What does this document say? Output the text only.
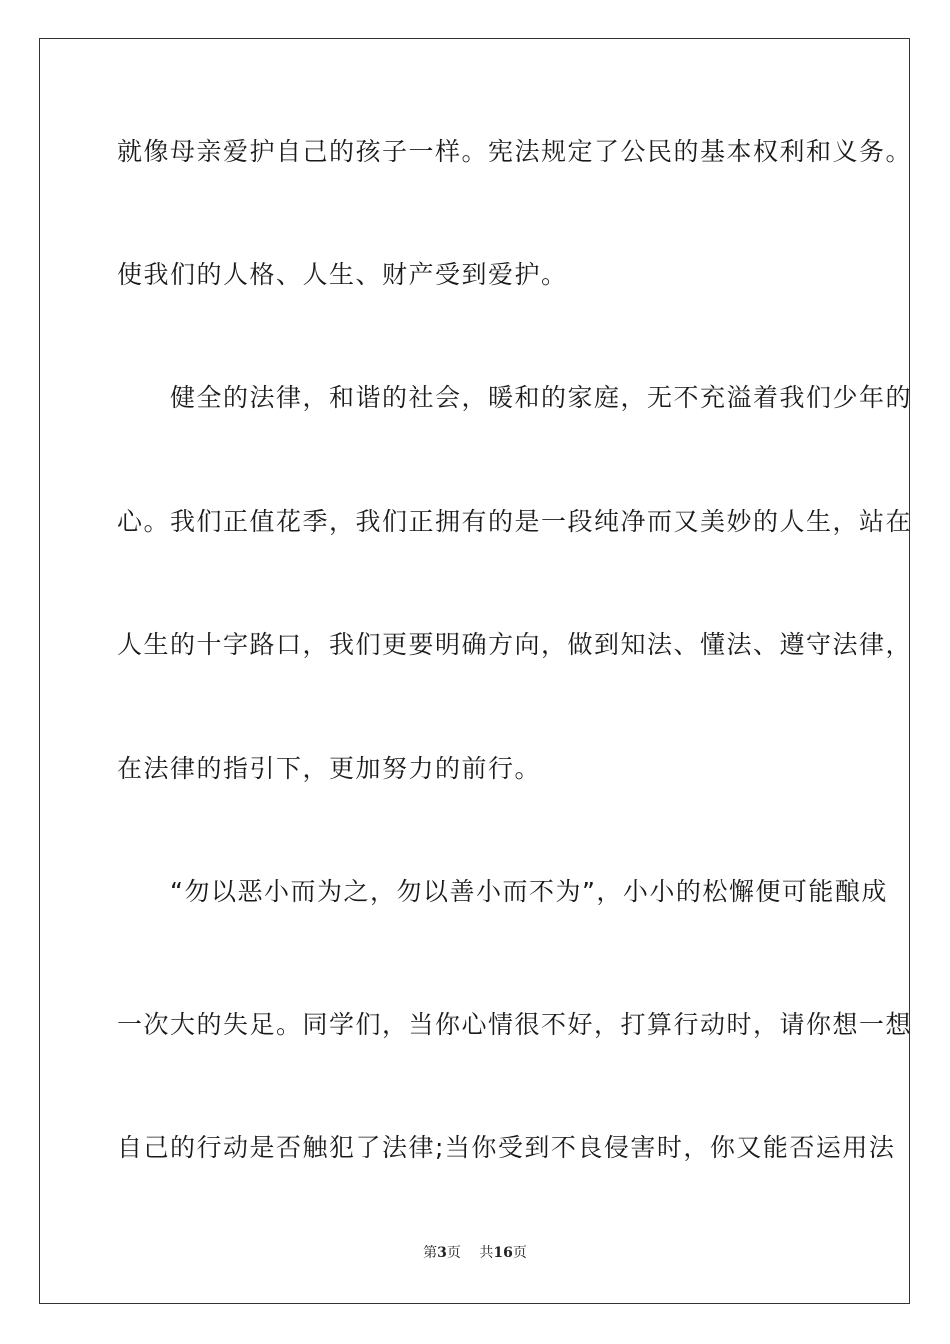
就像母亲爱护自己的孩子一样。宪法规定了公民的基本权利和义务。
使我们的人格、人生、财产受到爱护。
　　健全的法律，和谐的社会，暖和的家庭，无不充溢着我们少年的
心。我们正值花季，我们正拥有的是一段纯净而又美妙的人生，站在
人生的十字路口，我们更要明确方向，做到知法、懂法、遵守法律，
在法律的指引下，更加努力的前行。
　　“勿以恶小而为之，勿以善小而不为”，小小的松懈便可能酿成
一次大的失足。同学们，当你心情很不好，打算行动时，请你想一想
自己的行动是否触犯了法律;当你受到不良侵害时，你又能否运用法
第3页　 共16页
